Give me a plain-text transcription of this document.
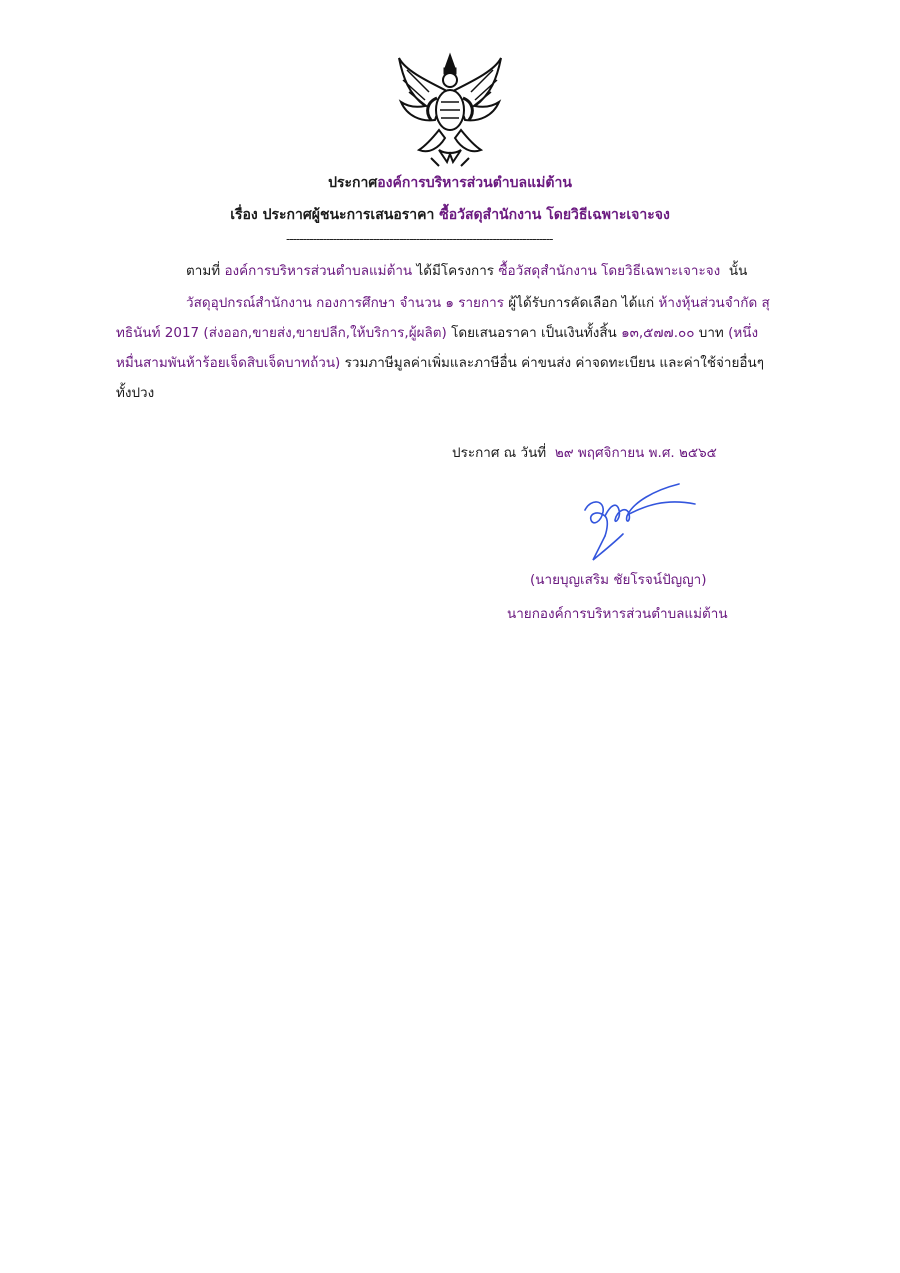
ประกาศองค์การบริหารส่วนตำบลแม่ต้าน
เรื่อง ประกาศผู้ชนะการเสนอราคา ซื้อวัสดุสำนักงาน โดยวิธีเฉพาะเจาะจง
--------------------------------------------------------------------------------
ตามที่ องค์การบริหารส่วนตำบลแม่ต้าน ได้มีโครงการ ซื้อวัสดุสำนักงาน โดยวิธีเฉพาะเจาะจง นั้น
วัสดุอุปกรณ์สำนักงาน กองการศึกษา จำนวน ๑ รายการ ผู้ได้รับการคัดเลือก ได้แก่ ห้างหุ้นส่วนจำกัด สุ
ทธินันท์ 2017 (ส่งออก,ขายส่ง,ขายปลีก,ให้บริการ,ผู้ผลิต) โดยเสนอราคา เป็นเงินทั้งสิ้น ๑๓,๕๗๗.๐๐ บาท (หนึ่ง
หมื่นสามพันห้าร้อยเจ็ดสิบเจ็ดบาทถ้วน) รวมภาษีมูลค่าเพิ่มและภาษีอื่น ค่าขนส่ง ค่าจดทะเบียน และค่าใช้จ่ายอื่นๆ
ทั้งปวง
ประกาศ ณ วันที่ ๒๙ พฤศจิกายน พ.ศ. ๒๕๖๕
(นายบุญเสริม ชัยโรจน์ปัญญา)
นายกองค์การบริหารส่วนตำบลแม่ต้าน
